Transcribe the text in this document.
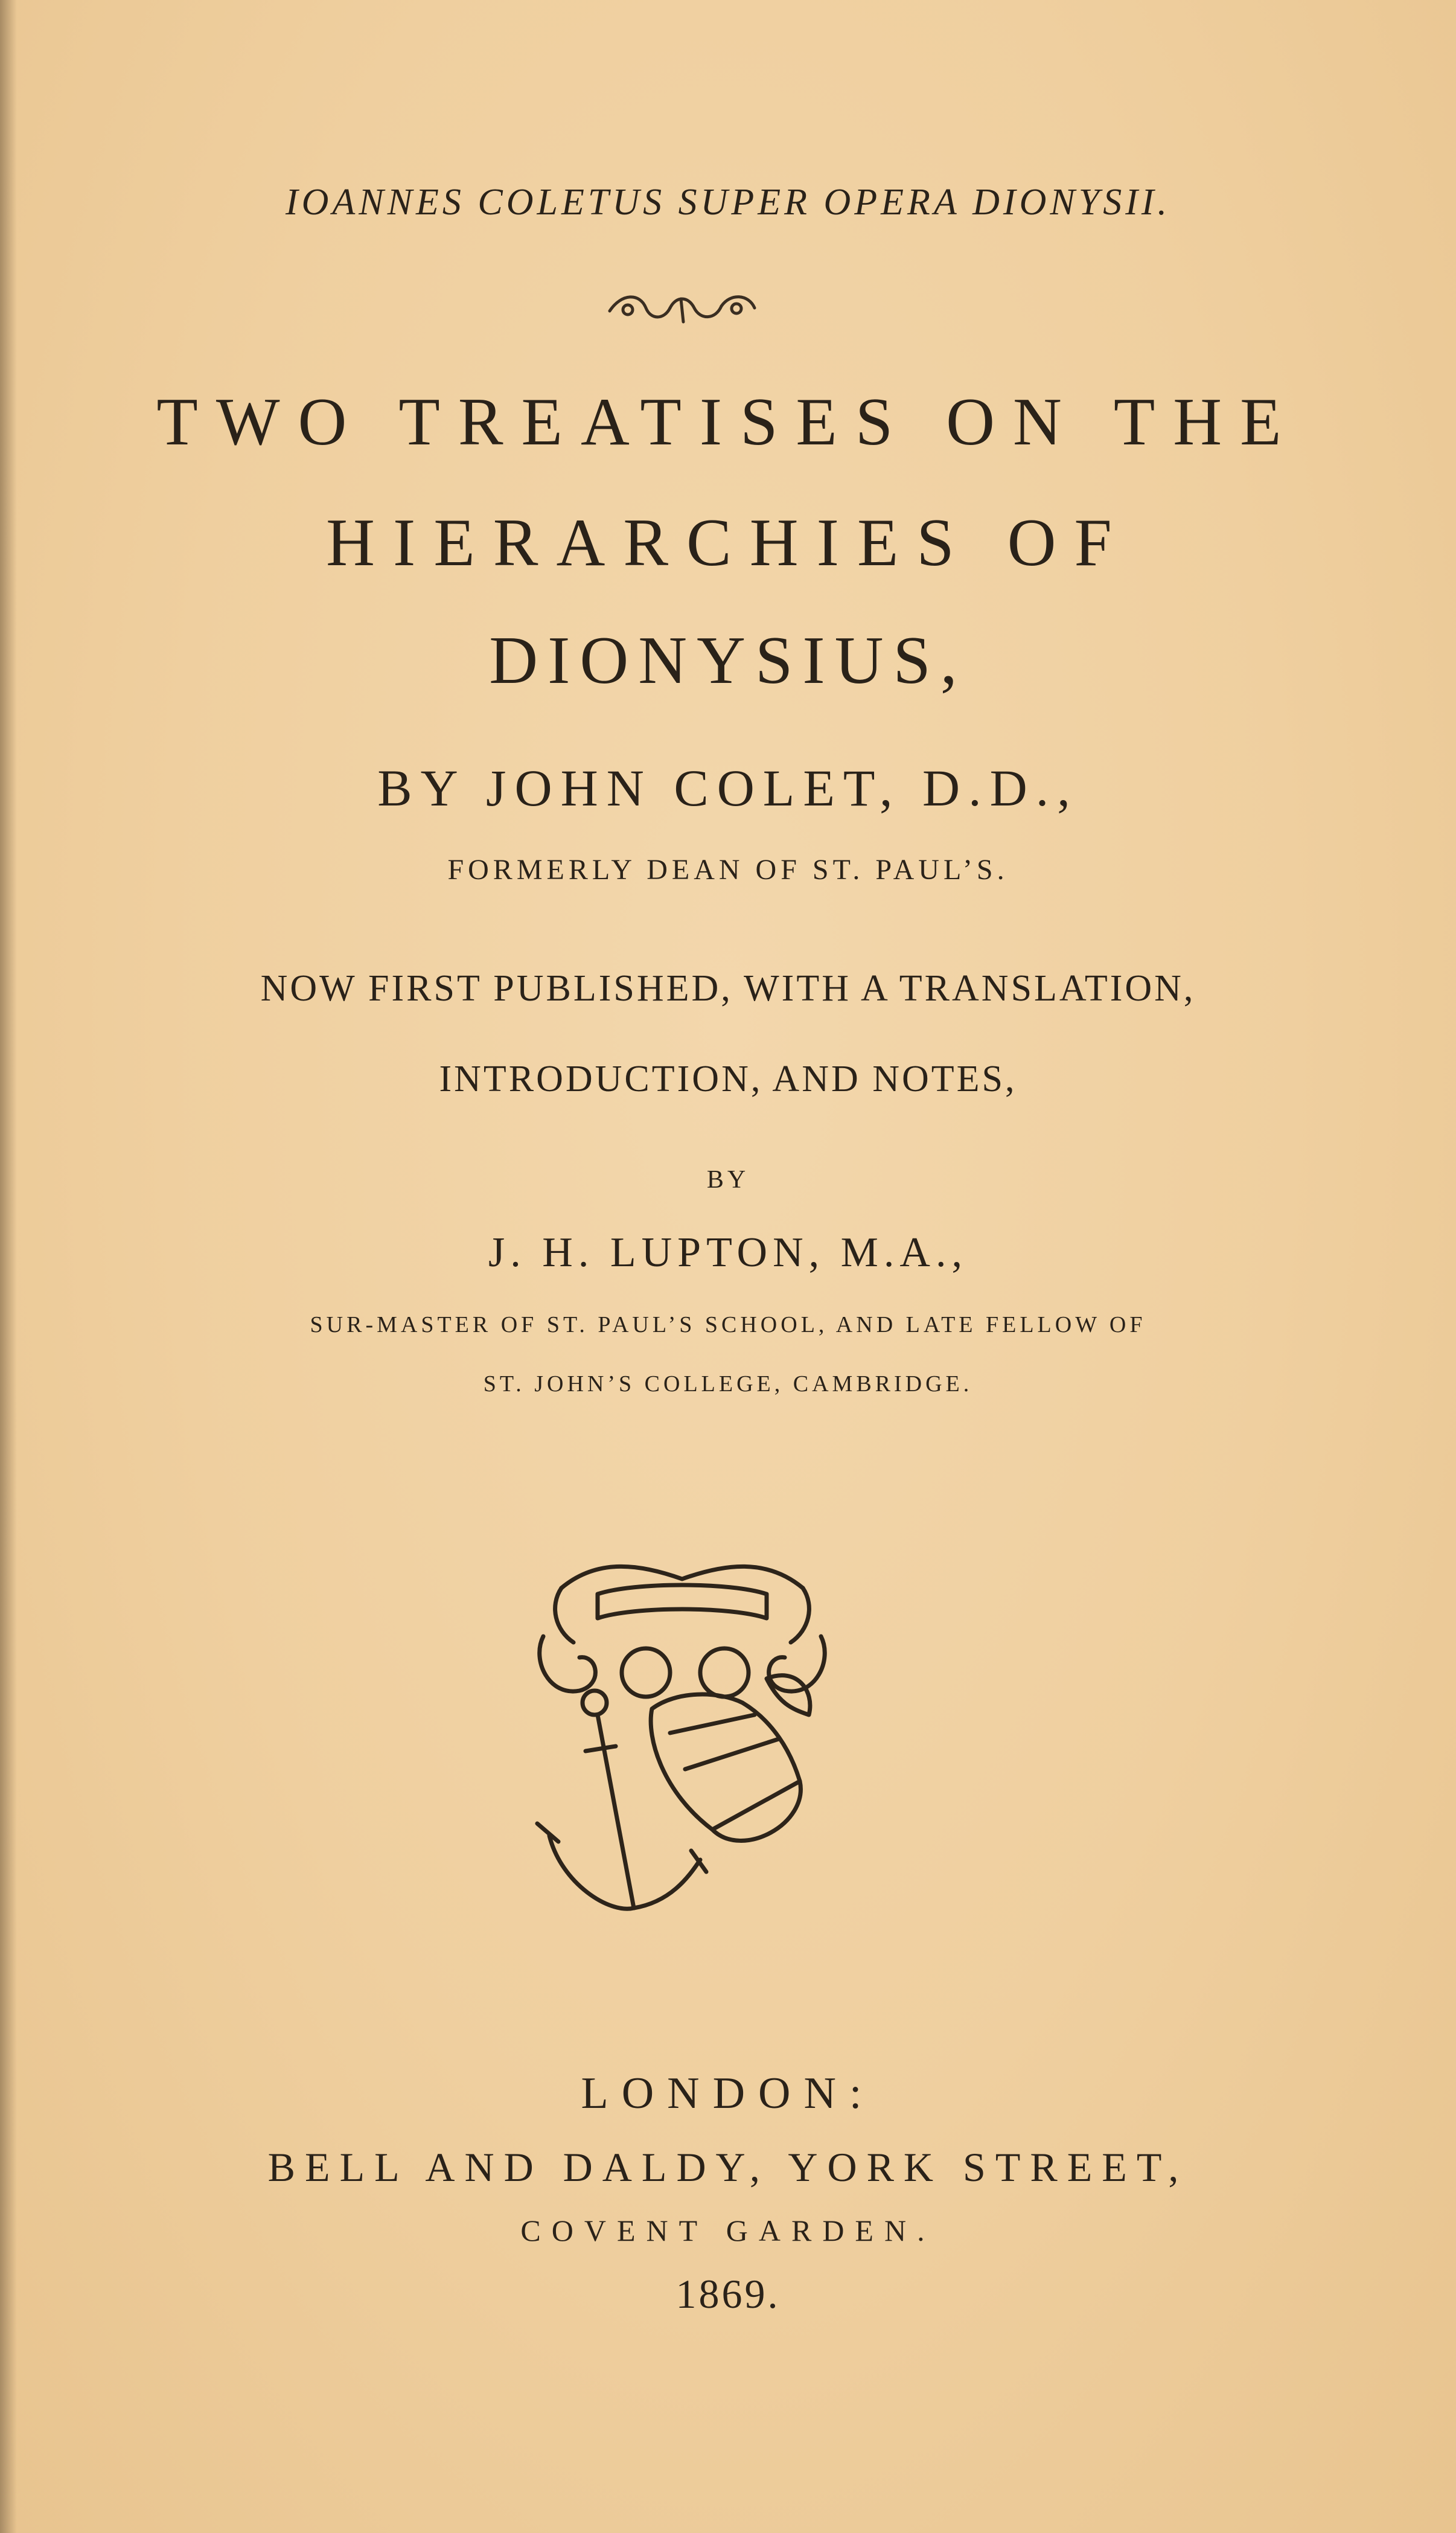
IOANNES COLETUS SUPER OPERA DIONYSII.
TWO TREATISES ON THE
HIERARCHIES OF
DIONYSIUS,
BY JOHN COLET, D.D.,
FORMERLY DEAN OF ST. PAUL’S.
NOW FIRST PUBLISHED, WITH A TRANSLATION,
INTRODUCTION, AND NOTES,
BY
J. H. LUPTON, M.A.,
SUR-MASTER OF ST. PAUL’S SCHOOL, AND LATE FELLOW OF
ST. JOHN’S COLLEGE, CAMBRIDGE.
LONDON:
BELL AND DALDY, YORK STREET,
COVENT GARDEN.
1869.
